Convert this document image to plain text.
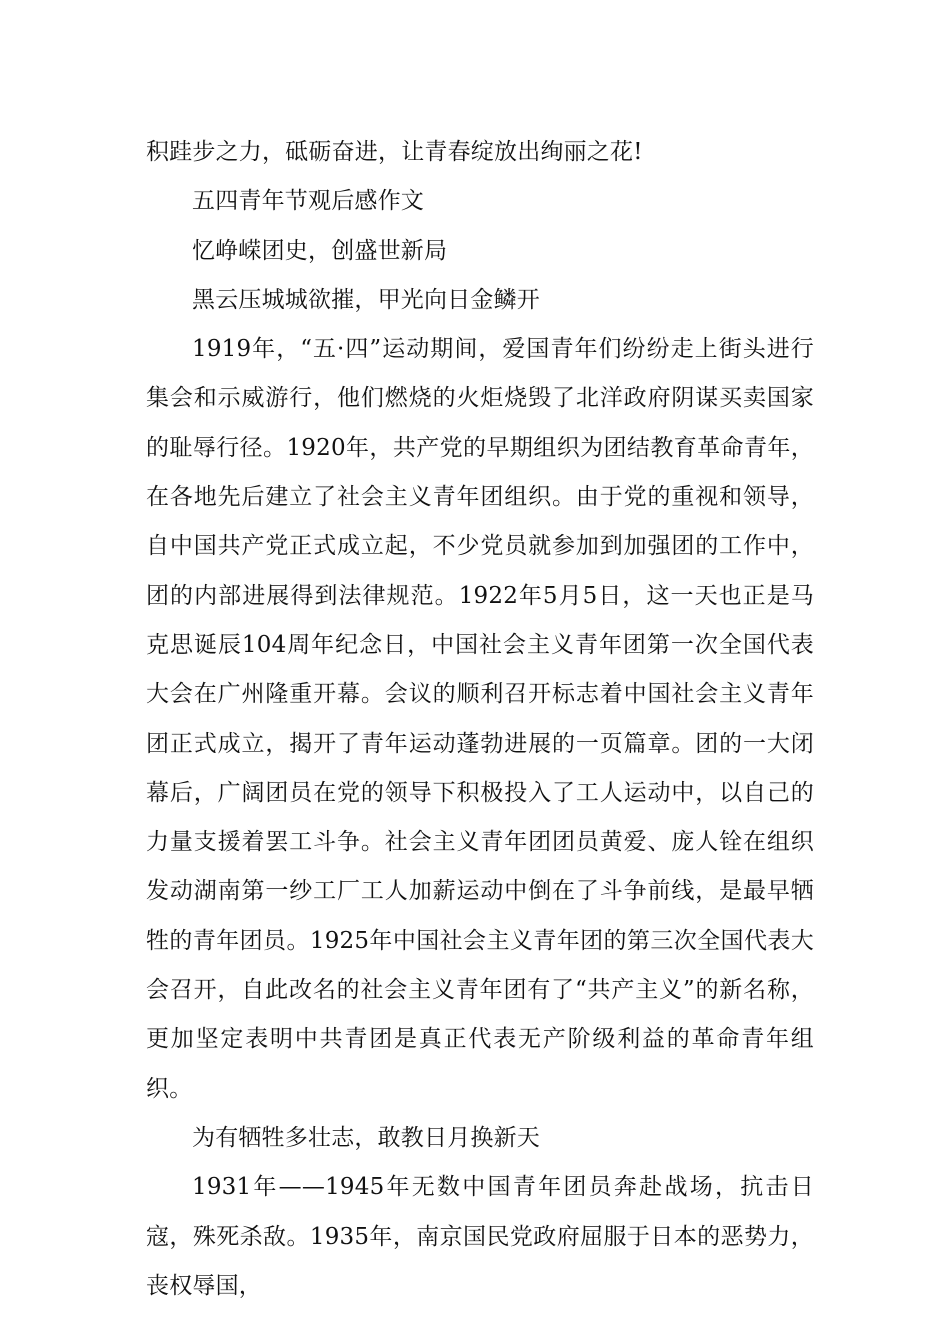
积跬步之力，砥砺奋进，让青春绽放出绚丽之花!

五四青年节观后感作文

忆峥嵘团史，创盛世新局

黑云压城城欲摧，甲光向日金鳞开

1919年，“五·四”运动期间，爱国青年们纷纷走上街头进行集会和示威游行，他们燃烧的火炬烧毁了北洋政府阴谋买卖国家的耻辱行径。1920年，共产党的早期组织为团结教育革命青年，在各地先后建立了社会主义青年团组织。由于党的重视和领导，自中国共产党正式成立起，不少党员就参加到加强团的工作中，团的内部进展得到法律规范。1922年5月5日，这一天也正是马克思诞辰104周年纪念日，中国社会主义青年团第一次全国代表大会在广州隆重开幕。会议的顺利召开标志着中国社会主义青年团正式成立，揭开了青年运动蓬勃进展的一页篇章。团的一大闭幕后，广阔团员在党的领导下积极投入了工人运动中，以自己的力量支援着罢工斗争。社会主义青年团团员黄爱、庞人铨在组织发动湖南第一纱工厂工人加薪运动中倒在了斗争前线，是最早牺牲的青年团员。1925年中国社会主义青年团的第三次全国代表大会召开，自此改名的社会主义青年团有了“共产主义”的新名称，更加坚定表明中共青团是真正代表无产阶级利益的革命青年组织。

为有牺牲多壮志，敢教日月换新天

1931年——1945年无数中国青年团员奔赴战场，抗击日寇，殊死杀敌。1935年，南京国民党政府屈服于日本的恶势力，丧权辱国，
